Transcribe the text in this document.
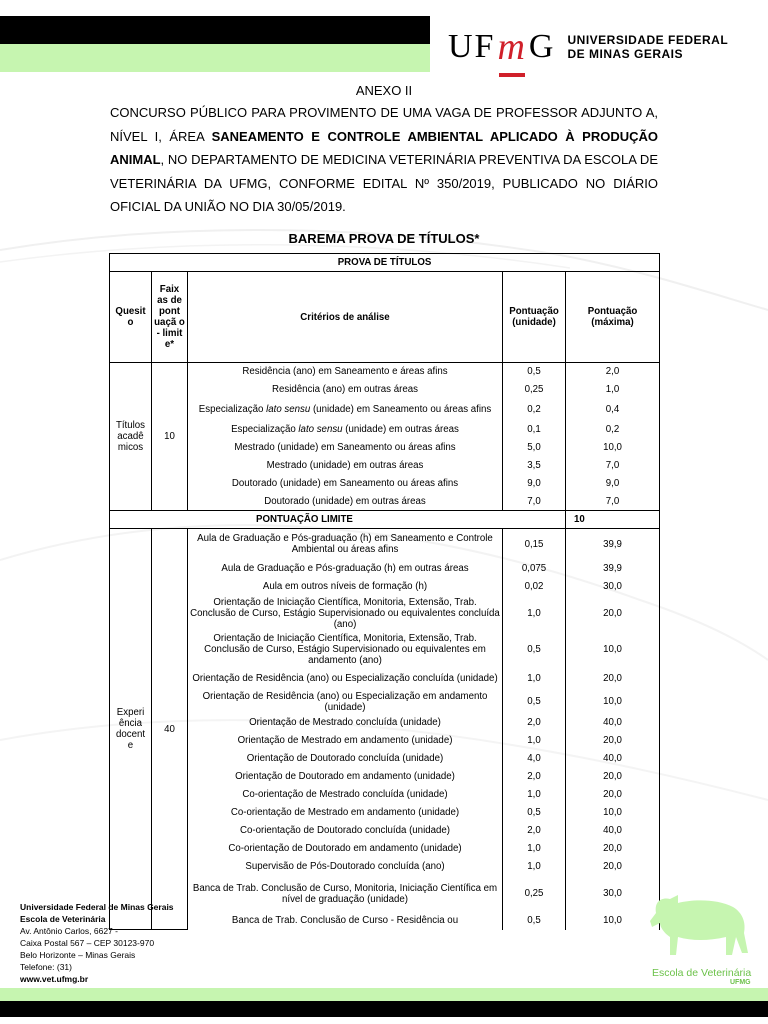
UF m G UNIVERSIDADE FEDERAL
DE MINAS GERAIS
ANEXO II
CONCURSO PÚBLICO PARA PROVIMENTO DE UMA VAGA DE PROFESSOR ADJUNTO A, NÍVEL I, ÁREA SANEAMENTO E CONTROLE AMBIENTAL APLICADO À PRODUÇÃO ANIMAL, NO DEPARTAMENTO DE MEDICINA VETERINÁRIA PREVENTIVA DA ESCOLA DE VETERINÁRIA DA UFMG, CONFORME EDITAL Nº 350/2019, PUBLICADO NO DIÁRIO OFICIAL DA UNIÃO NO DIA 30/05/2019.
BAREMA PROVA DE TÍTULOS*
PROVA DE TÍTULOS				
Quesit o	Faix as de pont uaçã o - limit e*	Critérios de análise	Pontuação (unidade)	Pontuação (máxima)
Títulos acadê micos	10	Residência (ano) em Saneamento e áreas afins	0,5	2,0
		Residência (ano) em outras áreas	0,25	1,0
		Especialização lato sensu (unidade) em Saneamento ou áreas afins	0,2	0,4
		Especialização lato sensu (unidade) em outras áreas	0,1	0,2
		Mestrado (unidade) em Saneamento ou áreas afins	5,0	10,0
		Mestrado (unidade) em outras áreas	3,5	7,0
		Doutorado (unidade) em Saneamento ou áreas afins	9,0	9,0
		Doutorado (unidade) em outras áreas	7,0	7,0
PONTUAÇÃO LIMITE				10
Experi ência docent e	40	Aula de Graduação e Pós-graduação (h) em Saneamento e Controle Ambiental ou áreas afins	0,15	39,9
		Aula de Graduação e Pós-graduação (h) em outras áreas	0,075	39,9
		Aula em outros níveis de formação (h)	0,02	30,0
		Orientação de Iniciação Científica, Monitoria, Extensão, Trab. Conclusão de Curso, Estágio Supervisionado ou equivalentes concluída (ano)	1,0	20,0
		Orientação de Iniciação Científica, Monitoria, Extensão, Trab. Conclusão de Curso, Estágio Supervisionado ou equivalentes em andamento (ano)	0,5	10,0
		Orientação de Residência (ano) ou Especialização concluída (unidade)	1,0	20,0
		Orientação de Residência (ano) ou Especialização em andamento (unidade)	0,5	10,0
		Orientação de Mestrado concluída (unidade)	2,0	40,0
		Orientação de Mestrado em andamento (unidade)	1,0	20,0
		Orientação de Doutorado concluída (unidade)	4,0	40,0
		Orientação de Doutorado em andamento (unidade)	2,0	20,0
		Co-orientação de Mestrado concluída (unidade)	1,0	20,0
		Co-orientação de Mestrado em andamento (unidade)	0,5	10,0
		Co-orientação de Doutorado concluída (unidade)	2,0	40,0
		Co-orientação de Doutorado em andamento (unidade)	1,0	20,0
		Supervisão de Pós-Doutorado concluída (ano)	1,0	20,0
		Banca de Trab. Conclusão de Curso, Monitoria, Iniciação Científica em nível de graduação (unidade)	0,25	30,0
		Banca de Trab. Conclusão de Curso - Residência ou	0,5	10,0
Universidade Federal de Minas Gerais
Escola de Veterinária
Av. Antônio Carlos, 6627 -
Caixa Postal 567 – CEP 30123-970
Belo Horizonte – Minas Gerais
Telefone: (31)
www.vet.ufmg.br	Escola de Veterinária
UFMG
